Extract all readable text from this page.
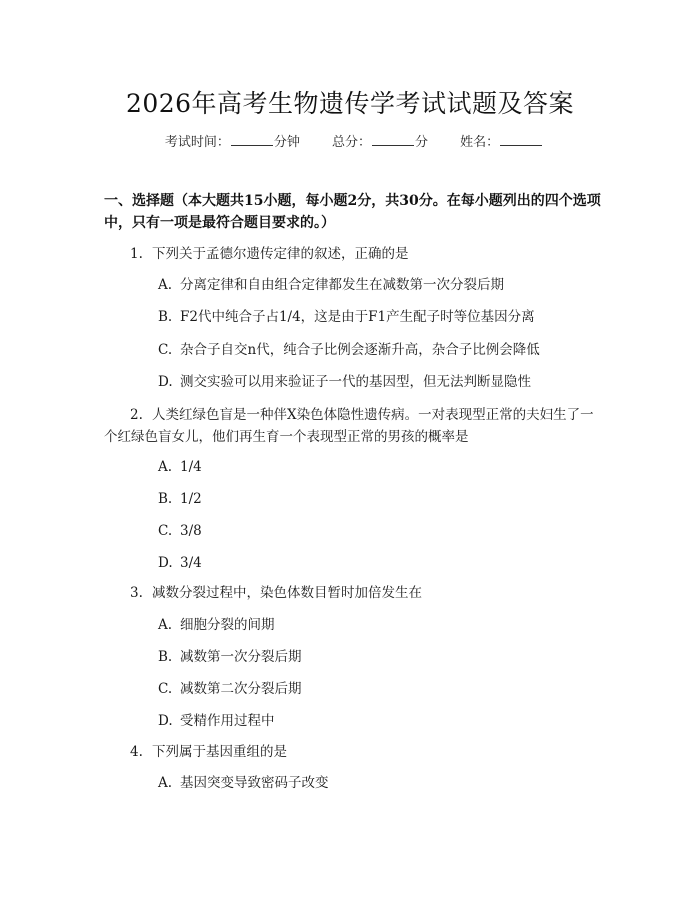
2026年高考生物遗传学考试试题及答案
考试时间：	分钟 总分：	分 姓名：
一、选择题（本大题共15小题，每小题2分，共30分。在每小题列出的四个选项中，只有一项是最符合题目要求的。）
1. 下列关于孟德尔遗传定律的叙述，正确的是
A. 分离定律和自由组合定律都发生在减数第一次分裂后期
B. F2代中纯合子占1/4，这是由于F1产生配子时等位基因分离
C. 杂合子自交n代，纯合子比例会逐渐升高，杂合子比例会降低
D. 测交实验可以用来验证子一代的基因型，但无法判断显隐性
2. 人类红绿色盲是一种伴X染色体隐性遗传病。一对表现型正常的夫妇生了一个红绿色盲女儿，他们再生育一个表现型正常的男孩的概率是
A. 1/4
B. 1/2
C. 3/8
D. 3/4
3. 减数分裂过程中，染色体数目暂时加倍发生在
A. 细胞分裂的间期
B. 减数第一次分裂后期
C. 减数第二次分裂后期
D. 受精作用过程中
4. 下列属于基因重组的是
A. 基因突变导致密码子改变
